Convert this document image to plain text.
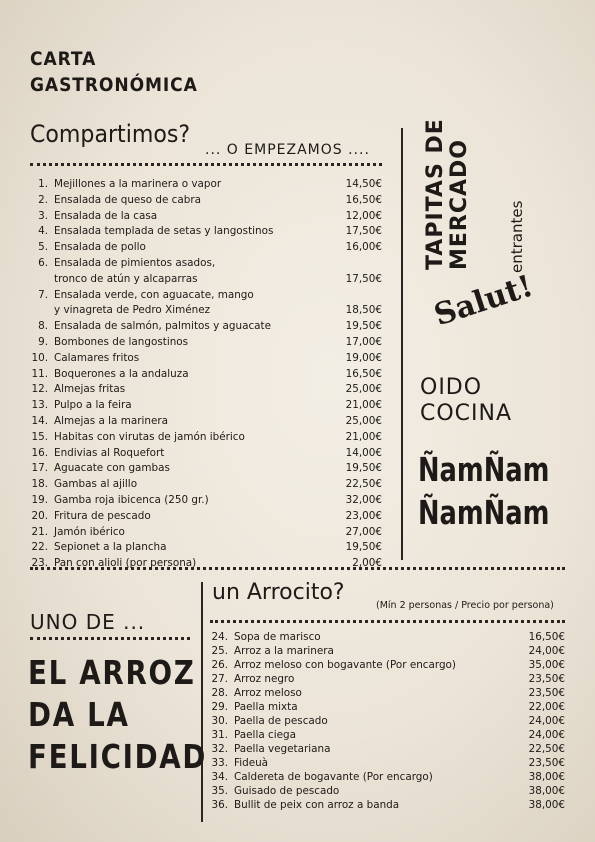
CARTA
GASTRONÓMICA
Compartimos?
... O EMPEZAMOS ....
1. Mejillones a la marinera o vapor	14,50€
2. Ensalada de queso de cabra	16,50€
3. Ensalada de la casa	12,00€
4. Ensalada templada de setas y langostinos	17,50€
5. Ensalada de pollo	16,00€
6. Ensalada de pimientos asados,
tronco de atún y alcaparras	17,50€
7. Ensalada verde, con aguacate, mango
y vinagreta de Pedro Ximénez	18,50€
8. Ensalada de salmón, palmitos y aguacate	19,50€
9. Bombones de langostinos	17,00€
10. Calamares fritos	19,00€
11. Boquerones a la andaluza	16,50€
12. Almejas fritas	25,00€
13. Pulpo a la feira	21,00€
14. Almejas a la marinera	25,00€
15. Habitas con virutas de jamón ibérico	21,00€
16. Endivias al Roquefort	14,00€
17. Aguacate con gambas	19,50€
18. Gambas al ajillo	22,50€
19. Gamba roja ibicenca (250 gr.)	32,00€
20. Fritura de pescado	23,00€
21. Jamón ibérico	27,00€
22. Sepionet a la plancha	19,50€
23. Pan con alioli (por persona)	2,00€
TAPITAS DE MERCADO entrantes
Salut!
OIDO
COCINA
ÑamÑam
ÑamÑam
UNO DE ...
EL ARROZ
DA LA
FELICIDAD
un Arrocito?
(Mín 2 personas / Precio por persona)
24. Sopa de marisco	16,50€
25. Arroz a la marinera	24,00€
26. Arroz meloso con bogavante (Por encargo)	35,00€
27. Arroz negro	23,50€
28. Arroz meloso	23,50€
29. Paella mixta	22,00€
30. Paella de pescado	24,00€
31. Paella ciega	24,00€
32. Paella vegetariana	22,50€
33. Fideuà	23,50€
34. Caldereta de bogavante (Por encargo)	38,00€
35. Guisado de pescado	38,00€
36. Bullit de peix con arroz a banda	38,00€
